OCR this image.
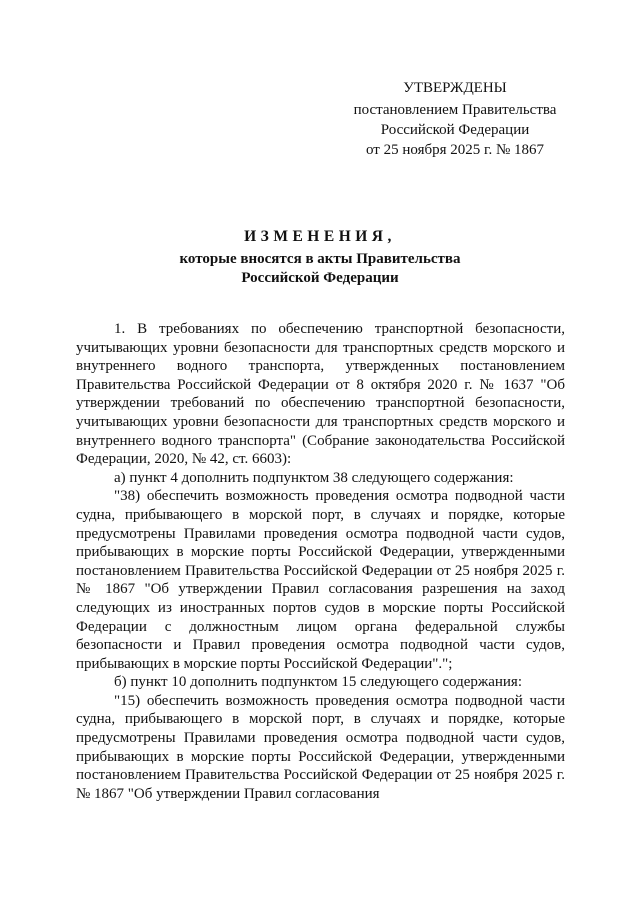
УТВЕРЖДЕНЫ
постановлением Правительства
Российской Федерации
от 25 ноября 2025 г. № 1867
ИЗМЕНЕНИЯ,
которые вносятся в акты Правительства
Российской Федерации

1. В требованиях по обеспечению транспортной безопасности, учитывающих уровни безопасности для транспортных средств морского и внутреннего водного транспорта, утвержденных постановлением Правительства Российской Федерации от 8 октября 2020 г. № 1637 "Об утверждении требований по обеспечению транспортной безопасности, учитывающих уровни безопасности для транспортных средств морского и внутреннего водного транспорта" (Собрание законодательства Российской Федерации, 2020, № 42, ст. 6603):

а) пункт 4 дополнить подпунктом 38 следующего содержания:

"38) обеспечить возможность проведения осмотра подводной части судна, прибывающего в морской порт, в случаях и порядке, которые предусмотрены Правилами проведения осмотра подводной части судов, прибывающих в морские порты Российской Федерации, утвержденными постановлением Правительства Российской Федерации от 25 ноября 2025 г. № 1867 "Об утверждении Правил согласования разрешения на заход следующих из иностранных портов судов в морские порты Российской Федерации с должностным лицом органа федеральной службы безопасности и Правил проведения осмотра подводной части судов, прибывающих в морские порты Российской Федерации".";

б) пункт 10 дополнить подпунктом 15 следующего содержания:

"15) обеспечить возможность проведения осмотра подводной части судна, прибывающего в морской порт, в случаях и порядке, которые предусмотрены Правилами проведения осмотра подводной части судов, прибывающих в морские порты Российской Федерации, утвержденными постановлением Правительства Российской Федерации от 25 ноября 2025 г. № 1867 "Об утверждении Правил согласования
